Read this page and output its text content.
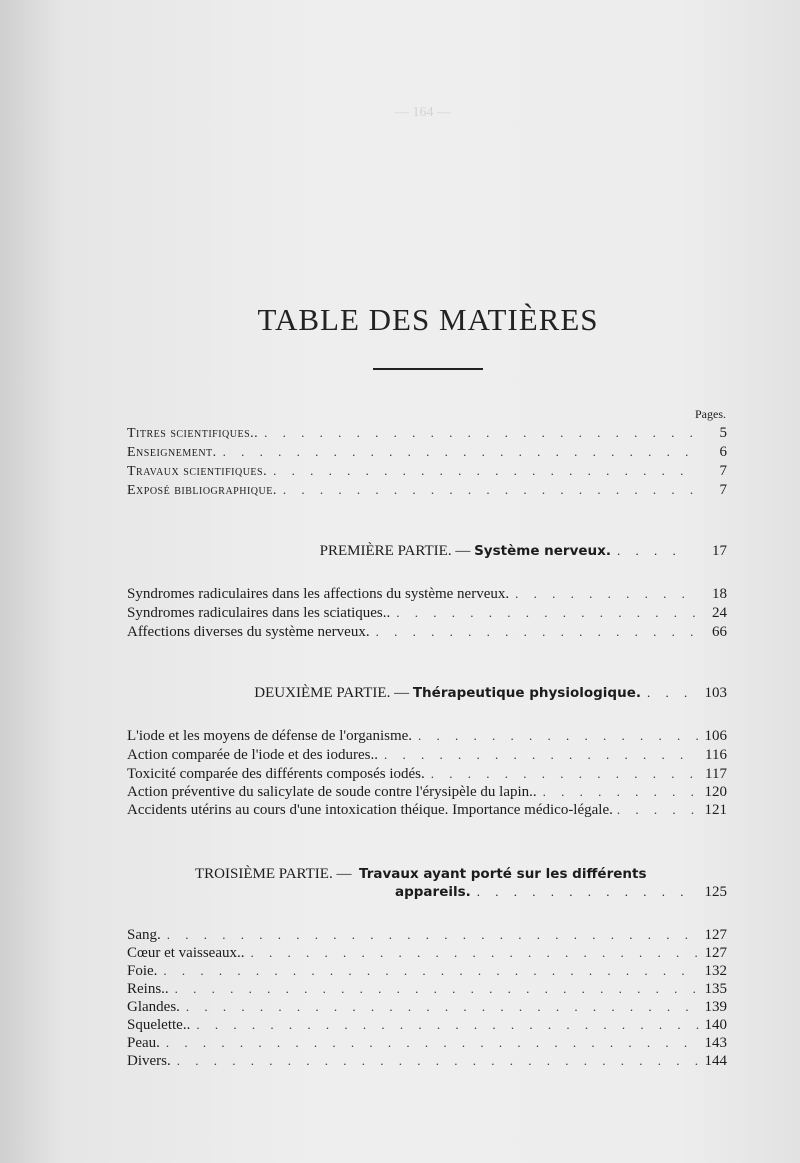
— 164 —
TABLE DES MATIÈRES
Pages.
Titres scientifiques.. . . .	5
Enseignement. . . .	6
Travaux scientifiques. . . .	7
Exposé bibliographique. . . .	7
PREMIÈRE PARTIE. —
Système nerveux. . . .	17
Syndromes radiculaires dans les affections du système nerveux. . . .	18
Syndromes radiculaires dans les sciatiques.. . . .	24
Affections diverses du système nerveux. . . .	66
DEUXIÈME PARTIE. —
Thérapeutique physiologique. . . .	103
L'iode et les moyens de défense de l'organisme. . . .	106
Action comparée de l'iode et des iodures.. . . .	116
Toxicité comparée des différents composés iodés. . . .	117
Action préventive du salicylate de soude contre l'érysipèle du lapin.. . . .	120
Accidents utérins au cours d'une intoxication théique. Importance médico-légale. . . .	121
TROISIÈME PARTIE. — Travaux ayant porté sur les différents
appareils. . . .	125
Sang. . . .	127
Cœur et vaisseaux.. . . .	127
Foie. . . .	132
Reins.. . . .	135
Glandes. . . .	139
Squelette.. . . .	140
Peau. . . .	143
Divers. . . .	144
